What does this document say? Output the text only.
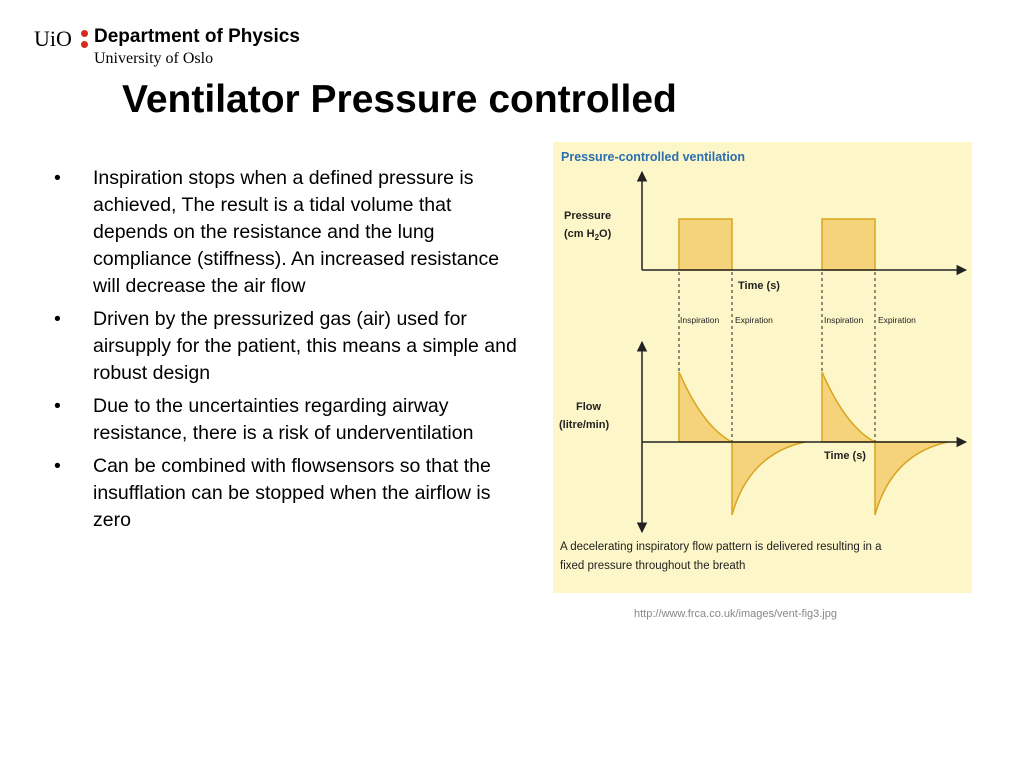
UiO Department of Physics
University of Oslo
Ventilator Pressure controlled
• Inspiration stops when a defined pressure is achieved, The result is a tidal volume that depends on the resistance and the lung compliance (stiffness). An increased resistance will decrease the air flow
• Driven by the pressurized gas (air) used for airsupply for the patient, this means a simple and robust design
• Due to the uncertainties regarding airway resistance, there is a risk of underventilation
• Can be combined with flowsensors so that the insufflation can be stopped when the airflow is zero
Pressure-controlled ventilation
Pressure
(cm $H_2O$)
Time (s)
Inspiration Expiration	Inspiration Expiration
Flow
(litre/min)
Time (s)
A decelerating inspiratory flow pattern is delivered resulting in a
fixed pressure throughout the breath
http://www.frca.co.uk/images/vent-fig3.jpg
